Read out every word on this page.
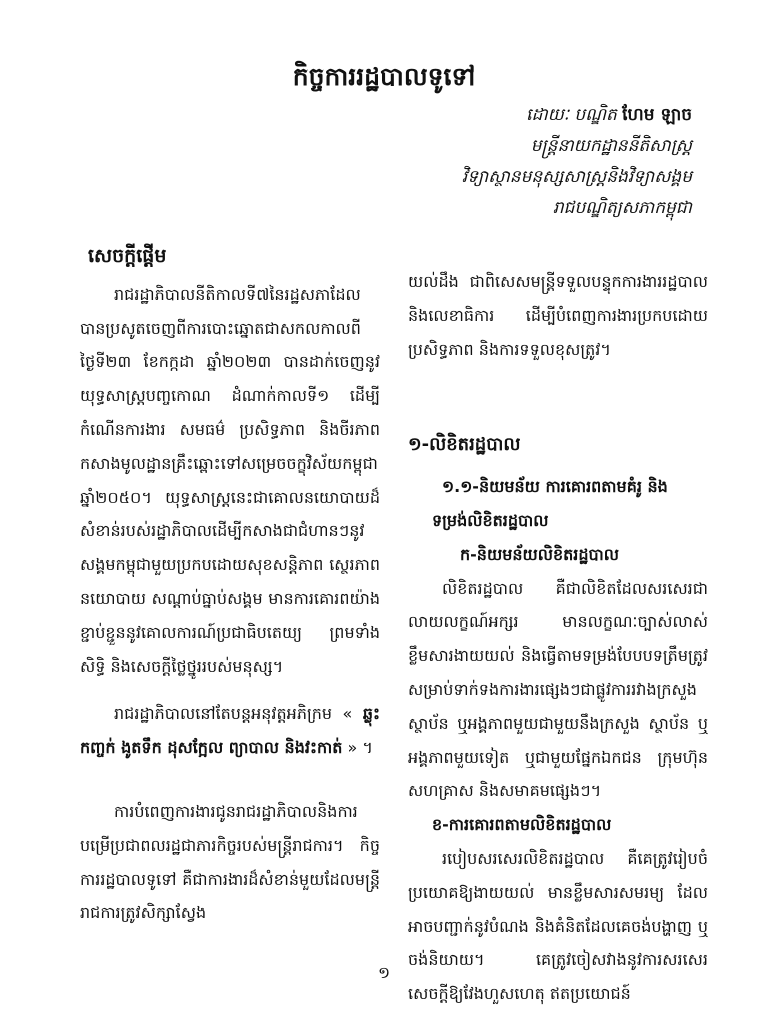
កិច្ចការរដ្ឋបាលទូទៅ
ដោយៈ បណ្ឌិត ហែម ឡាច
មន្ត្រីនាយកដ្ឋាននីតិសាស្ត្រ
វិទ្យាស្ថានមនុស្សសាស្ត្រនិងវិទ្យាសង្គម
រាជបណ្ឌិត្យសភាកម្ពុជា
សេចក្តីផ្តើម

រាជរដ្ឋាភិបាលនីតិកាលទី៧នៃរដ្ឋសភាដែលបានប្រសូតចេញពីការបោះឆ្នោតជាសកលកាលពីថ្ងៃទី២៣ ខែកក្កដា ឆ្នាំ២០២៣ បានដាក់ចេញនូវយុទ្ធសាស្ត្របញ្ចកោណ ដំណាក់កាលទី១ ដើម្បីកំណើនការងារ សមធម៌ ប្រសិទ្ធភាព និងចីរភាព កសាងមូលដ្ឋានគ្រឹះឆ្ពោះទៅសម្រេចចក្ខុវិស័យកម្ពុជា ឆ្នាំ២០៥០។ យុទ្ធសាស្ត្រនេះជាគោលនយោបាយដ៏សំខាន់របស់រដ្ឋាភិបាលដើម្បីកសាងជាជំហានៗនូវសង្គមកម្ពុជាមួយប្រកបដោយសុខសន្តិភាព ស្ថេរភាពនយោបាយ សណ្តាប់ធ្នាប់សង្គម មានការគោរពយ៉ាងខ្ជាប់ខ្ជួននូវគោលការណ៍ប្រជាធិបតេយ្យ ព្រមទាំងសិទ្ធិ និងសេចក្តីថ្លៃថ្នូររបស់មនុស្ស។

រាជរដ្ឋាភិបាលនៅតែបន្តអនុវត្តអភិក្រម « ឆ្លុះកញ្ចក់ ងូតទឹក ដុសក្អែល ព្យាបាល និងវះកាត់ » ។

ការបំពេញការងារជូនរាជរដ្ឋាភិបាលនិងការបម្រើប្រជាពលរដ្ឋជាភារកិច្ចរបស់មន្ត្រីរាជការ។ កិច្ចការរដ្ឋបាលទូទៅ គឺជាការងារដ៏សំខាន់មួយដែលមន្ត្រីរាជការត្រូវសិក្សាស្វែង

យល់ដឹង ជាពិសេសមន្ត្រីទទួលបន្ទុកការងាររដ្ឋបាលនិងលេខាធិការ ដើម្បីបំពេញការងារប្រកបដោយប្រសិទ្ធភាព និងការទទួលខុសត្រូវ។

១-លិខិតរដ្ឋបាល
១.១-និយមន័យ ការគោរពតាមគំរូ និង
ទម្រង់លិខិតរដ្ឋបាល
ក-និយមន័យលិខិតរដ្ឋបាល

លិខិតរដ្ឋបាល គឺជាលិខិតដែលសរសេរជាលាយលក្ខណ៍អក្សរ មានលក្ខណៈច្បាស់លាស់ ខ្លឹមសារងាយយល់ និងធ្វើតាមទម្រង់បែបបទត្រឹមត្រូវ សម្រាប់ទាក់ទងការងារផ្សេងៗជាផ្លូវការរវាងក្រសួង ស្ថាប័ន ឬអង្គភាពមួយជាមួយនឹងក្រសួង ស្ថាប័ន ឬអង្គភាពមួយទៀត ឬជាមួយផ្នែកឯកជន ក្រុមហ៊ុន សហគ្រាស និងសមាគមផ្សេងៗ។

ខ-ការគោរពតាមលិខិតរដ្ឋបាល

របៀបសរសេរលិខិតរដ្ឋបាល គឺគេត្រូវរៀបចំប្រយោគឱ្យងាយយល់ មានខ្លឹមសារសមរម្យ ដែលអាចបញ្ជាក់នូវបំណង និងគំនិតដែលគេចង់បង្ហាញ ឬចង់និយាយ។ គេត្រូវចៀសវាងនូវការសរសេរ សេចក្តីឱ្យវែងហួសហេតុ ឥតប្រយោជន៍

១
